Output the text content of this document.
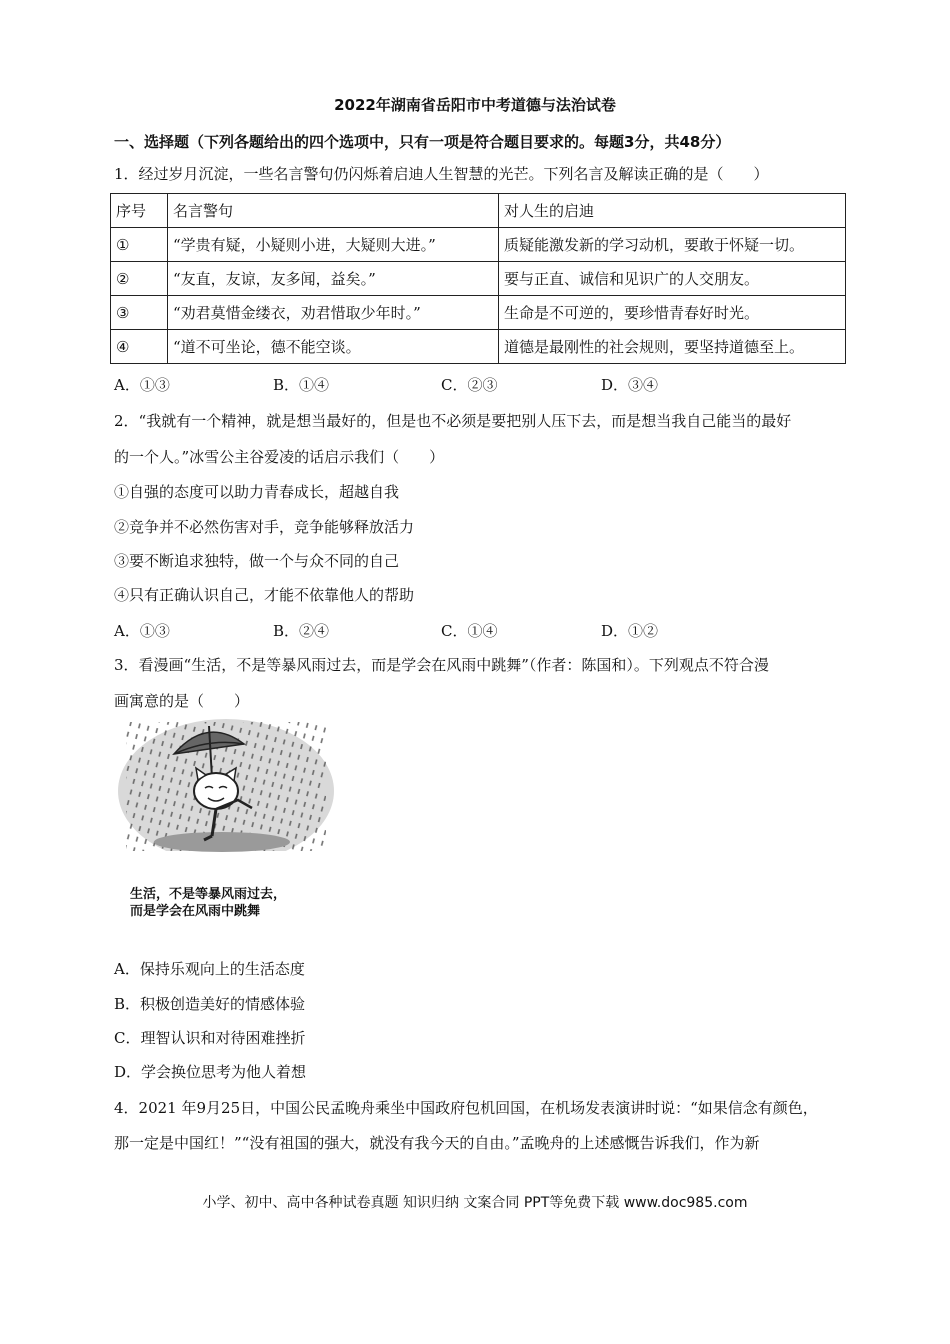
2022年湖南省岳阳市中考道德与法治试卷
一、选择题（下列各题给出的四个选项中，只有一项是符合题目要求的。每题3分，共48分）
1．经过岁月沉淀，一些名言警句仍闪烁着启迪人生智慧的光芒。下列名言及解读正确的是（　　）
序号	名言警句	对人生的启迪
①	“学贵有疑，小疑则小进，大疑则大进。”	质疑能激发新的学习动机，要敢于怀疑一切。
②	“友直，友谅，友多闻，益矣。”	要与正直、诚信和见识广的人交朋友。
③	“劝君莫惜金缕衣，劝君惜取少年时。”	生命是不可逆的，要珍惜青春好时光。
④	“道不可坐论，德不能空谈。	道德是最刚性的社会规则，要坚持道德至上。
A．①③	B．①④	C．②③	D．③④
2．“我就有一个精神，就是想当最好的，但是也不必须是要把别人压下去，而是想当我自己能当的最好
的一个人。”冰雪公主谷爱凌的话启示我们（　　）
①自强的态度可以助力青春成长，超越自我
②竞争并不必然伤害对手，竞争能够释放活力
③要不断追求独特，做一个与众不同的自己
④只有正确认识自己，才能不依靠他人的帮助
A．①③	B．②④	C．①④	D．①②
3．看漫画“生活，不是等暴风雨过去，而是学会在风雨中跳舞”（作者：陈国和）。下列观点不符合漫
画寓意的是（　　）
生活，不是等暴风雨过去，
而是学会在风雨中跳舞
A．保持乐观向上的生活态度
B．积极创造美好的情感体验
C．理智认识和对待困难挫折
D．学会换位思考为他人着想
4．2021 年9月25日，中国公民孟晚舟乘坐中国政府包机回国，在机场发表演讲时说：“如果信念有颜色，
那一定是中国红！”“没有祖国的强大，就没有我今天的自由。”孟晚舟的上述感慨告诉我们，作为新
小学、初中、高中各种试卷真题 知识归纳 文案合同 PPT等免费下载 www.doc985.com
